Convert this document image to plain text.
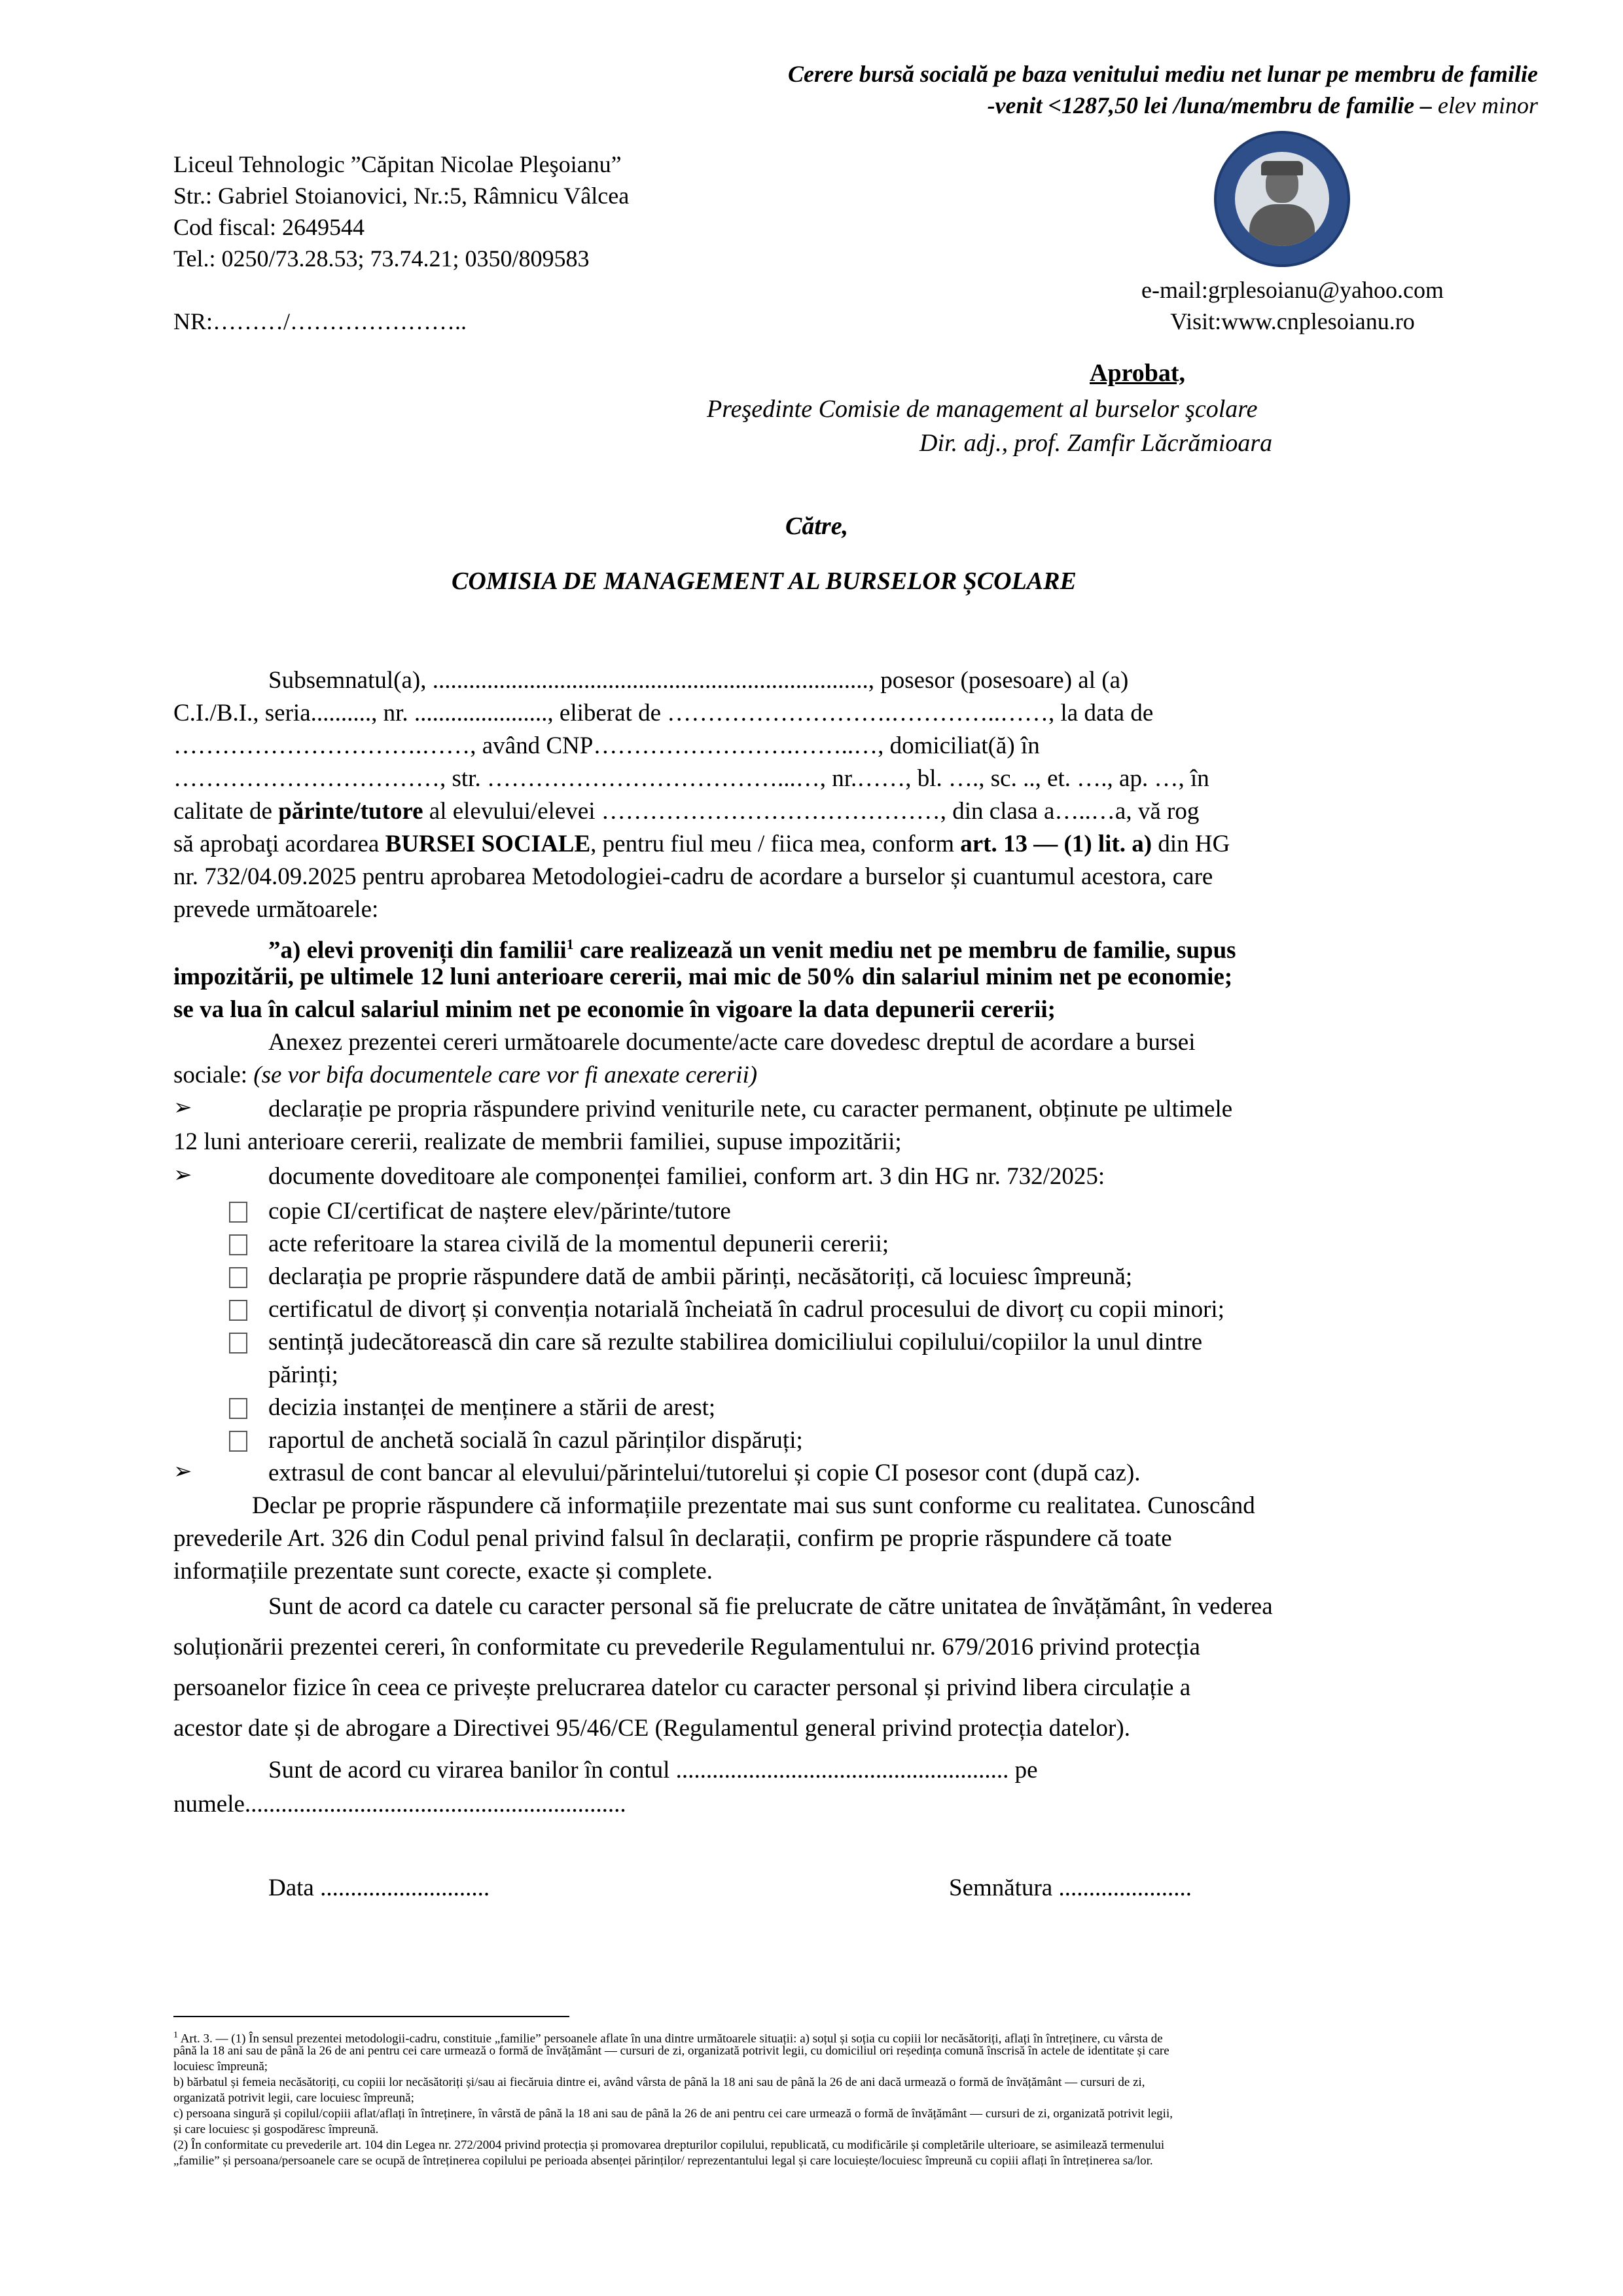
Cerere bursă socială pe baza venitului mediu net lunar pe membru de familie
-venit <1287,50 lei /luna/membru de familie – elev minor
Liceul Tehnologic ”Căpitan Nicolae Pleşoianu”
Str.: Gabriel Stoianovici, Nr.:5, Râmnicu Vâlcea
Cod fiscal: 2649544
Tel.: 0250/73.28.53; 73.74.21; 0350/809583
NR:………/…………………..
e-mail:grplesoianu@yahoo.com
Visit:www.cnplesoianu.ro
Aprobat,
Preşedinte Comisie de management al burselor şcolare
Dir. adj., prof. Zamfir Lăcrămioara
Către,
COMISIA DE MANAGEMENT AL BURSELOR ȘCOLARE
Subsemnatul(a), ........................................................................, posesor (posesoare) al (a)
C.I./B.I., seria.........., nr. ......................, eliberat de ……………………….…………..……, la data de
………………………….……, având CNP…………………….……..…, domiciliat(ă) în
……………………………, str. ………………………………...…, nr.……, bl. …., sc. .., et. …., ap. …, în
calitate de părinte/tutore al elevului/elevei ……………………………………, din clasa a…..…a, vă rog
să aprobaţi acordarea BURSEI SOCIALE, pentru fiul meu / fiica mea, conform art. 13 — (1) lit. a) din HG
nr. 732/04.09.2025 pentru aprobarea Metodologiei-cadru de acordare a burselor și cuantumul acestora, care
prevede următoarele:
”a) elevi proveniți din familii$^1$ care realizează un venit mediu net pe membru de familie, supus
impozitării, pe ultimele 12 luni anterioare cererii, mai mic de 50% din salariul minim net pe economie;
se va lua în calcul salariul minim net pe economie în vigoare la data depunerii cererii;
Anexez prezentei cereri următoarele documente/acte care dovedesc dreptul de acordare a bursei
sociale: (se vor bifa documentele care vor fi anexate cererii)
➢	declarație pe propria răspundere privind veniturile nete, cu caracter permanent, obținute pe ultimele
12 luni anterioare cererii, realizate de membrii familiei, supuse impozitării;
➢	documente doveditoare ale componenței familiei, conform art. 3 din HG nr. 732/2025:
copie CI/certificat de naștere elev/părinte/tutore
acte referitoare la starea civilă de la momentul depunerii cererii;
declarația pe proprie răspundere dată de ambii părinți, necăsătoriți, că locuiesc împreună;
certificatul de divorț și convenția notarială încheiată în cadrul procesului de divorț cu copii minori;
sentință judecătorească din care să rezulte stabilirea domiciliului copilului/copiilor la unul dintre
părinți;
decizia instanței de menținere a stării de arest;
raportul de anchetă socială în cazul părinților dispăruți;
➢	extrasul de cont bancar al elevului/părintelui/tutorelui și copie CI posesor cont (după caz).
Declar pe proprie răspundere că informațiile prezentate mai sus sunt conforme cu realitatea. Cunoscând
prevederile Art. 326 din Codul penal privind falsul în declarații, confirm pe proprie răspundere că toate
informațiile prezentate sunt corecte, exacte și complete.
Sunt de acord ca datele cu caracter personal să fie prelucrate de către unitatea de învățământ, în vederea
soluționării prezentei cereri, în conformitate cu prevederile Regulamentului nr. 679/2016 privind protecția
persoanelor fizice în ceea ce privește prelucrarea datelor cu caracter personal și privind libera circulație a
acestor date și de abrogare a Directivei 95/46/CE (Regulamentul general privind protecția datelor).
Sunt de acord cu virarea banilor în contul ....................................................... pe
numele...............................................................
Data ............................	Semnătura ......................
$^1$ Art. 3. — (1) În sensul prezentei metodologii-cadru, constituie „familie” persoanele aflate în una dintre următoarele situații: a) soțul și soția cu copiii lor necăsătoriți, aflați în întreținere, cu vârsta de
până la 18 ani sau de până la 26 de ani pentru cei care urmează o formă de învățământ — cursuri de zi, organizată potrivit legii, cu domiciliul ori reședința comună înscrisă în actele de identitate și care
locuiesc împreună;
b) bărbatul și femeia necăsătoriți, cu copiii lor necăsătoriți și/sau ai fiecăruia dintre ei, având vârsta de până la 18 ani sau de până la 26 de ani dacă urmează o formă de învățământ — cursuri de zi,
organizată potrivit legii, care locuiesc împreună;
c) persoana singură și copilul/copiii aflat/aflați în întreținere, în vârstă de până la 18 ani sau de până la 26 de ani pentru cei care urmează o formă de învățământ — cursuri de zi, organizată potrivit legii,
și care locuiesc și gospodăresc împreună.
(2) În conformitate cu prevederile art. 104 din Legea nr. 272/2004 privind protecția și promovarea drepturilor copilului, republicată, cu modificările și completările ulterioare, se asimilează termenului
„familie” și persoana/persoanele care se ocupă de întreținerea copilului pe perioada absenței părinților/ reprezentantului legal și care locuiește/locuiesc împreună cu copiii aflați în întreținerea sa/lor.
